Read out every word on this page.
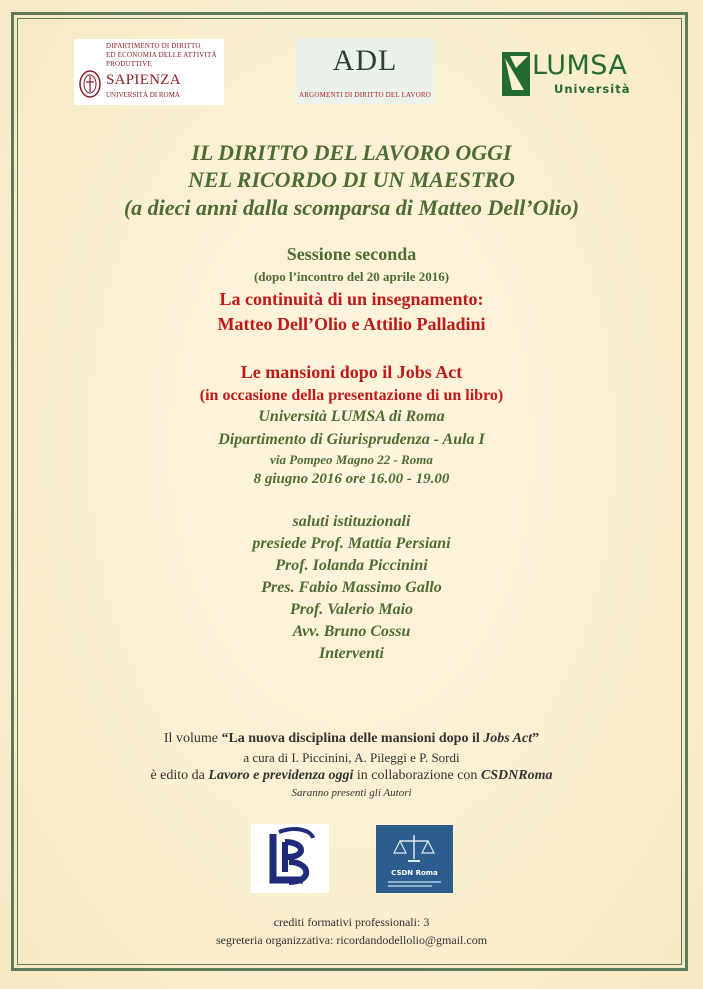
DIPARTIMENTO DI DIRITTO
ED ECONOMIA DELLE ATTIVITÀ PRODUTTIVE
SAPIENZA
UNIVERSITÀ DI ROMA
ADL
ARGOMENTI DI DIRITTO DEL LAVORO
LUMSA
Università
IL DIRITTO DEL LAVORO OGGI
NEL RICORDO DI UN MAESTRO
(a dieci anni dalla scomparsa di Matteo Dell’Olio)
Sessione seconda
(dopo l’incontro del 20 aprile 2016)
La continuità di un insegnamento:
Matteo Dell’Olio e Attilio Palladini
Le mansioni dopo il Jobs Act
(in occasione della presentazione di un libro)
Università LUMSA di Roma
Dipartimento di Giurisprudenza - Aula I
via Pompeo Magno 22 - Roma
8 giugno 2016 ore 16.00 - 19.00
saluti istituzionali
presiede Prof. Mattia Persiani
Prof. Iolanda Piccinini
Pres. Fabio Massimo Gallo
Prof. Valerio Maio
Avv. Bruno Cossu
Interventi
Il volume “La nuova disciplina delle mansioni dopo il Jobs Act”
a cura di I. Piccinini, A. Pileggi e P. Sordi
è edito da Lavoro e previdenza oggi in collaborazione con CSDNRoma
Saranno presenti gli Autori
CSDN Roma
crediti formativi professionali: 3
segreteria organizzativa: ricordandodellolio@gmail.com
